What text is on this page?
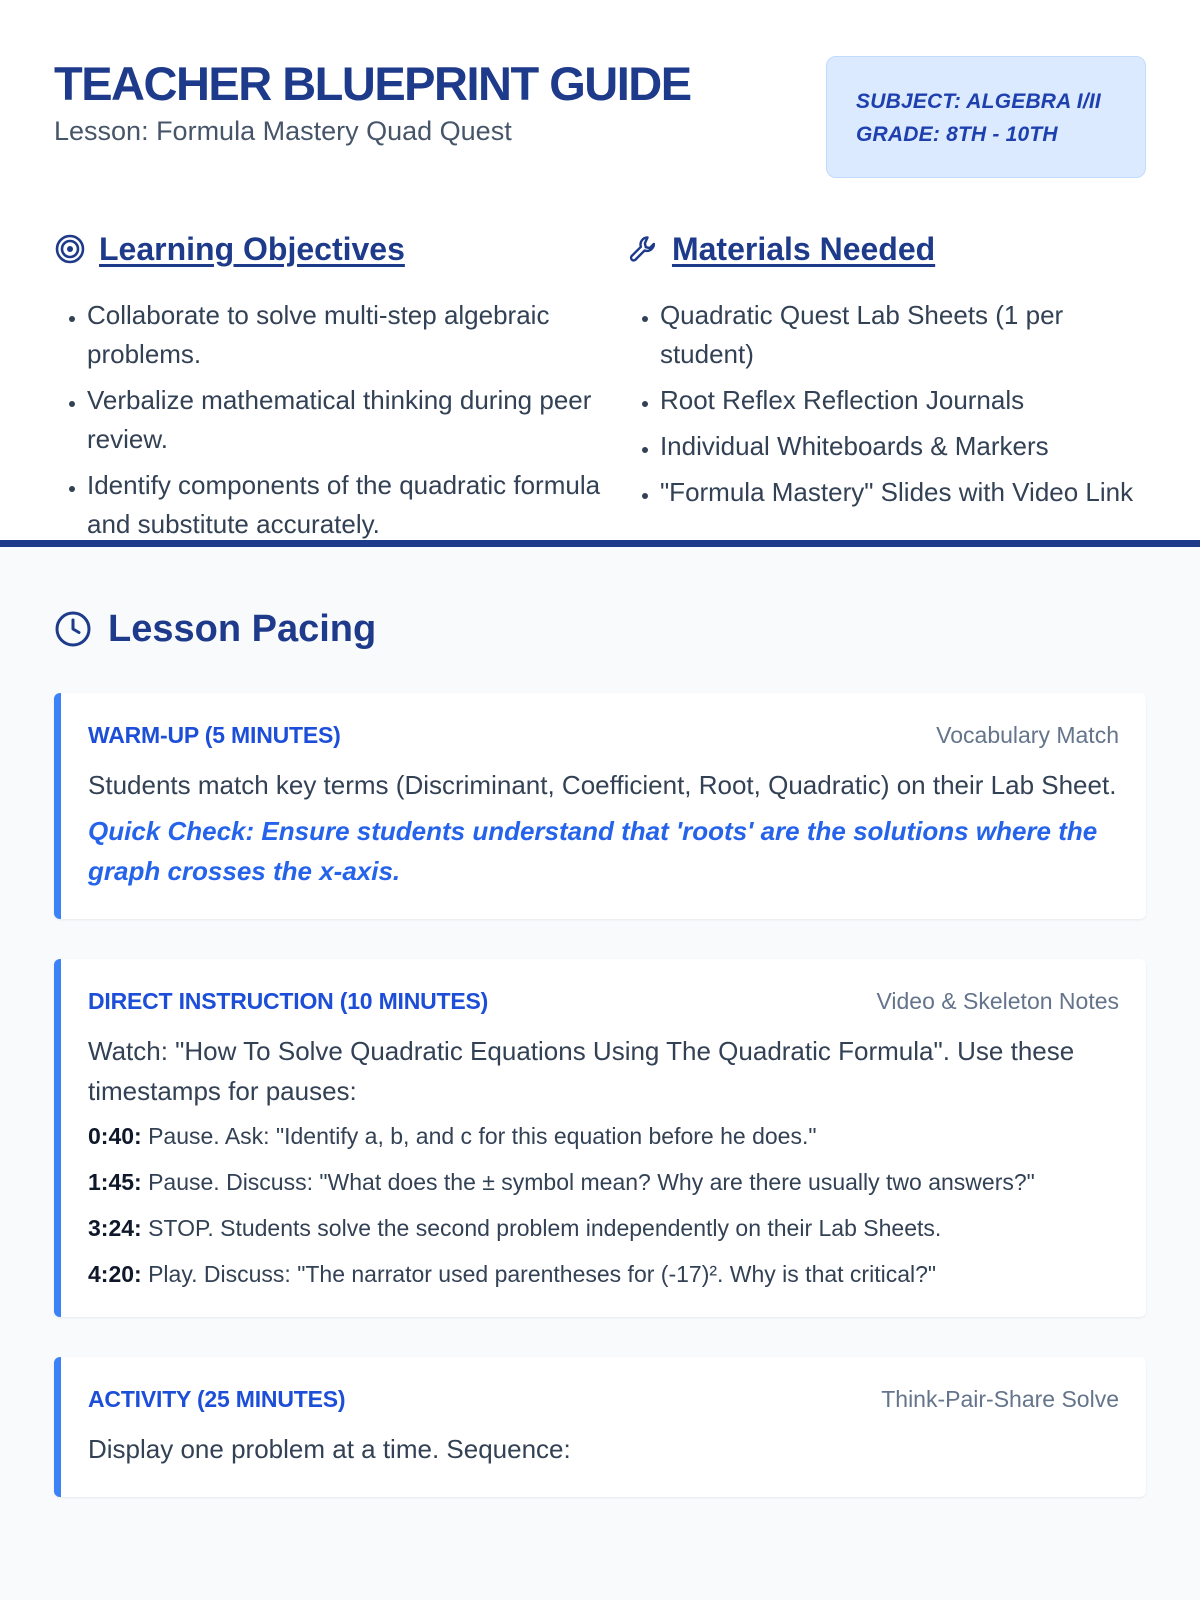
TEACHER BLUEPRINT GUIDE
Lesson: Formula Mastery Quad Quest
SUBJECT: ALGEBRA I/II
GRADE: 8TH - 10TH
Learning Objectives
• Collaborate to solve multi-step algebraic problems.
• Verbalize mathematical thinking during peer review.
• Identify components of the quadratic formula and substitute accurately.
Materials Needed
• Quadratic Quest Lab Sheets (1 per student)
• Root Reflex Reflection Journals
• Individual Whiteboards & Markers
• "Formula Mastery" Slides with Video Link
Lesson Pacing
WARM-UP (5 MINUTES)	Vocabulary Match
Students match key terms (Discriminant, Coefficient, Root, Quadratic) on their Lab Sheet.
Quick Check: Ensure students understand that 'roots' are the solutions where the graph crosses the x-axis.
DIRECT INSTRUCTION (10 MINUTES)	Video & Skeleton Notes
Watch: "How To Solve Quadratic Equations Using The Quadratic Formula". Use these timestamps for pauses:
0:40: Pause. Ask: "Identify a, b, and c for this equation before he does."
1:45: Pause. Discuss: "What does the ± symbol mean? Why are there usually two answers?"
3:24: STOP. Students solve the second problem independently on their Lab Sheets.
4:20: Play. Discuss: "The narrator used parentheses for (-17)². Why is that critical?"
ACTIVITY (25 MINUTES)	Think-Pair-Share Solve
Display one problem at a time. Sequence:
